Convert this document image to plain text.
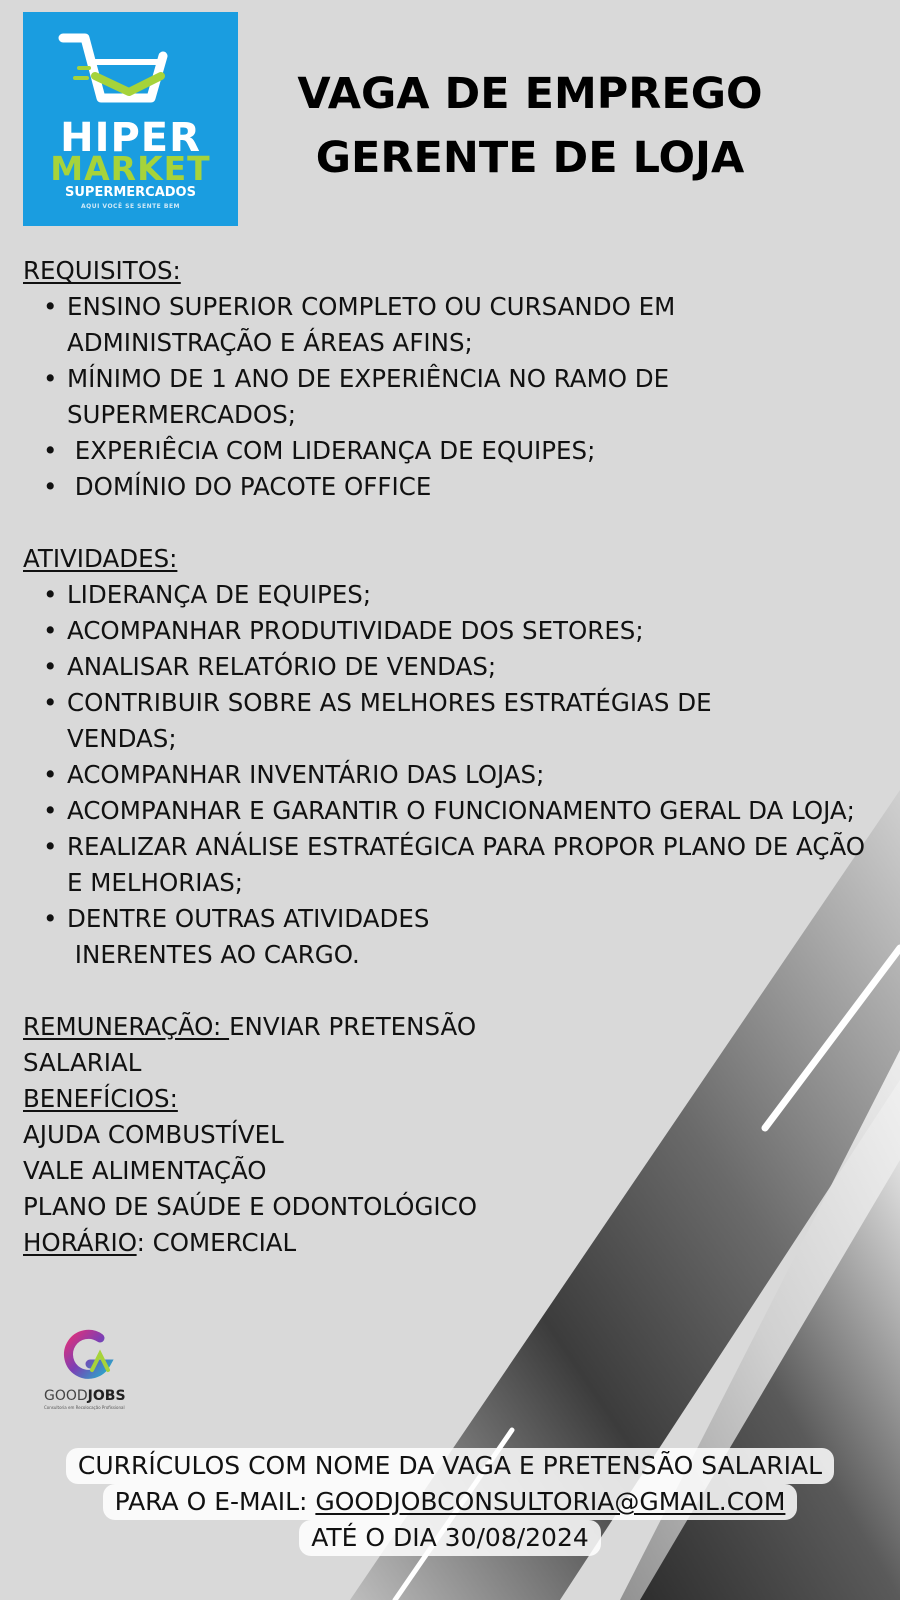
HIPER
MARKET
SUPERMERCADOS
AQUI VOCÊ SE SENTE BEM
VAGA DE EMPREGO
GERENTE DE LOJA
REQUISITOS:
• ENSINO SUPERIOR COMPLETO OU CURSANDO EM ADMINISTRAÇÃO E ÁREAS AFINS;
• MÍNIMO DE 1 ANO DE EXPERIÊNCIA NO RAMO DE SUPERMERCADOS;
•  EXPERIÊCIA COM LIDERANÇA DE EQUIPES;
•  DOMÍNIO DO PACOTE OFFICE
ATIVIDADES:
• LIDERANÇA DE EQUIPES;
• ACOMPANHAR PRODUTIVIDADE DOS SETORES;
• ANALISAR RELATÓRIO DE VENDAS;
• CONTRIBUIR SOBRE AS MELHORES ESTRATÉGIAS DE VENDAS;
• ACOMPANHAR INVENTÁRIO DAS LOJAS;
• ACOMPANHAR E GARANTIR O FUNCIONAMENTO GERAL DA LOJA;
• REALIZAR ANÁLISE ESTRATÉGICA PARA PROPOR PLANO DE AÇÃO E MELHORIAS;
• DENTRE OUTRAS ATIVIDADES
INERENTES AO CARGO.
REMUNERAÇÃO: ENVIAR PRETENSÃO
SALARIAL
BENEFÍCIOS:
AJUDA COMBUSTÍVEL
VALE ALIMENTAÇÃO
PLANO DE SAÚDE E ODONTOLÓGICO
HORÁRIO: COMERCIAL
GOODJOBS
Consultoria em Recolocação Profissional
CURRÍCULOS COM NOME DA VAGA E PRETENSÃO SALARIAL
PARA O E-MAIL: GOODJOBCONSULTORIA@GMAIL.COM
ATÉ O DIA 30/08/2024
